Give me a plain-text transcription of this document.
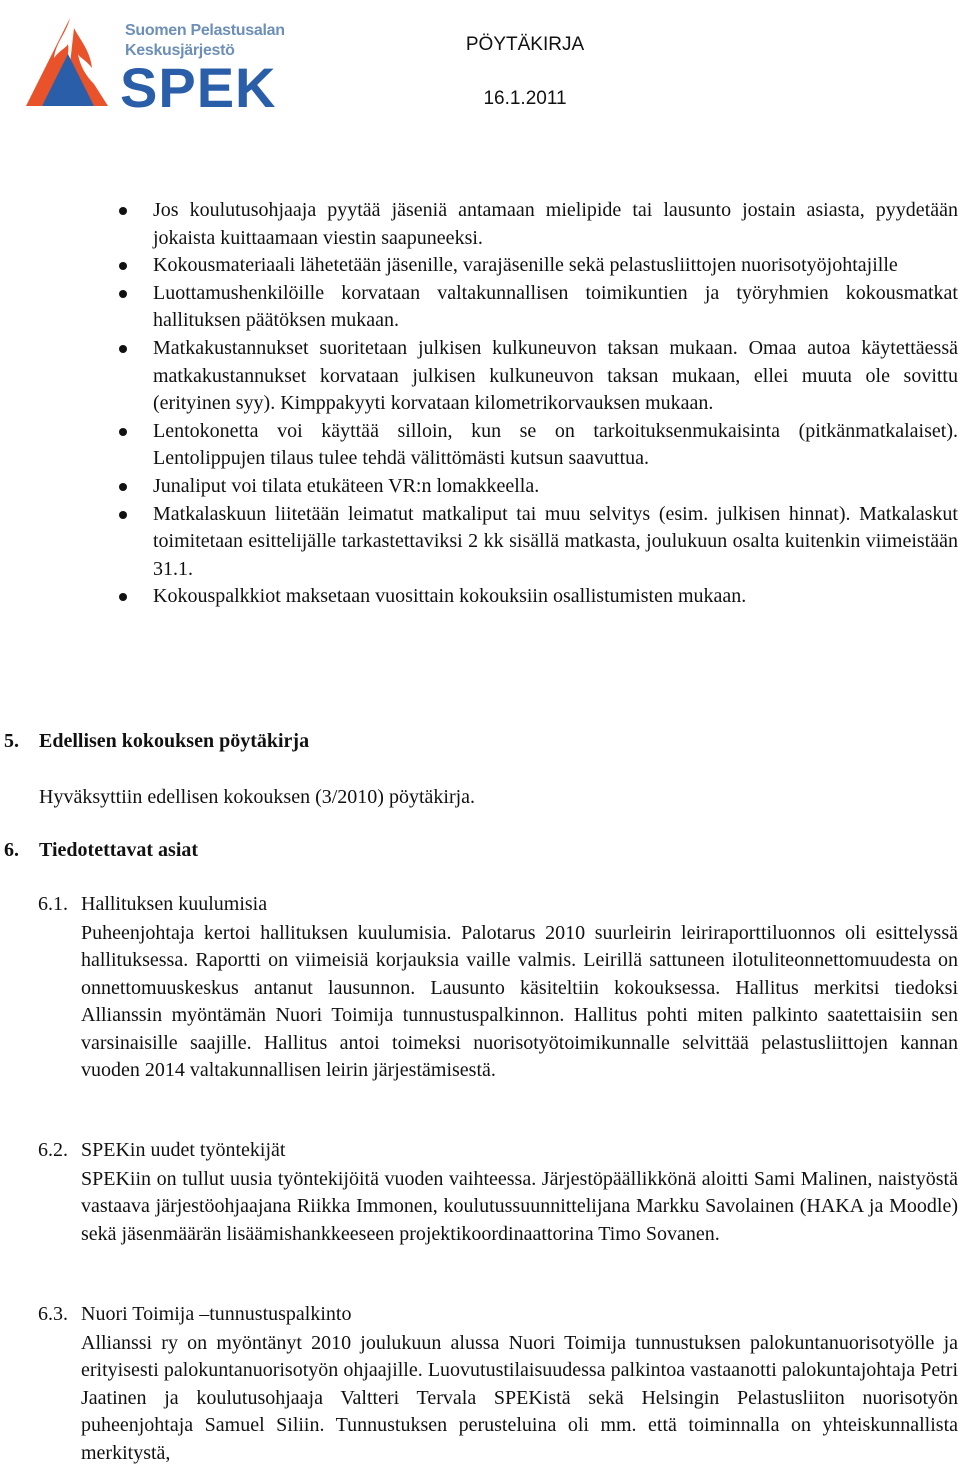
Suomen Pelastusalan
Keskusjärjestö
SPEK
PÖYTÄKIRJA
16.1.2011
Jos koulutusohjaaja pyytää jäseniä antamaan mielipide tai lausunto jostain asiasta, pyydetään jokaista kuittaamaan viestin saapuneeksi.
Kokousmateriaali lähetetään jäsenille, varajäsenille sekä pelastusliittojen nuorisotyöjohtajille
Luottamushenkilöille korvataan valtakunnallisen toimikuntien ja työryhmien kokousmatkat hallituksen päätöksen mukaan.
Matkakustannukset suoritetaan julkisen kulkuneuvon taksan mukaan. Omaa autoa käytettäessä matkakustannukset korvataan julkisen kulkuneuvon taksan mukaan, ellei muuta ole sovittu (erityinen syy). Kimppakyyti korvataan kilometrikorvauksen mukaan.
Lentokonetta voi käyttää silloin, kun se on tarkoituksenmukaisinta (pitkänmatkalaiset). Lentolippujen tilaus tulee tehdä välittömästi kutsun saavuttua.
Junaliput voi tilata etukäteen VR:n lomakkeella.
Matkalaskuun liitetään leimatut matkaliput tai muu selvitys (esim. julkisen hinnat). Matkalaskut toimitetaan esittelijälle tarkastettaviksi 2 kk sisällä matkasta, joulukuun osalta kuitenkin viimeistään 31.1.
Kokouspalkkiot maksetaan vuosittain kokouksiin osallistumisten mukaan.
5. Edellisen kokouksen pöytäkirja
Hyväksyttiin edellisen kokouksen (3/2010) pöytäkirja.
6. Tiedotettavat asiat
6.1. Hallituksen kuulumisia
Puheenjohtaja kertoi hallituksen kuulumisia. Palotarus 2010 suurleirin leiriraporttiluonnos oli esittelyssä hallituksessa. Raportti on viimeisiä korjauksia vaille valmis. Leirillä sattuneen ilotuliteonnettomuudesta on onnettomuuskeskus antanut lausunnon. Lausunto käsiteltiin kokouksessa. Hallitus merkitsi tiedoksi Allianssin myöntämän Nuori Toimija tunnustuspalkinnon. Hallitus pohti miten palkinto saatettaisiin sen varsinaisille saajille. Hallitus antoi toimeksi nuorisotyötoimikunnalle selvittää pelastusliittojen kannan vuoden 2014 valtakunnallisen leirin järjestämisestä.
6.2. SPEKin uudet työntekijät
SPEKiin on tullut uusia työntekijöitä vuoden vaihteessa. Järjestöpäällikkönä aloitti Sami Malinen, naistyöstä vastaava järjestöohjaajana Riikka Immonen, koulutussuunnittelijana Markku Savolainen (HAKA ja Moodle) sekä jäsenmäärän lisäämishankkeeseen projektikoordinaattorina Timo Sovanen.
6.3. Nuori Toimija –tunnustuspalkinto
Allianssi ry on myöntänyt 2010 joulukuun alussa Nuori Toimija tunnustuksen palokuntanuorisotyölle ja erityisesti palokuntanuorisotyön ohjaajille. Luovutustilaisuudessa palkintoa vastaanotti palokuntajohtaja Petri Jaatinen ja koulutusohjaaja Valtteri Tervala SPEKistä sekä Helsingin Pelastusliiton nuorisotyön puheenjohtaja Samuel Siliin. Tunnustuksen perusteluina oli mm. että toiminnalla on yhteiskunnallista merkitystä,
